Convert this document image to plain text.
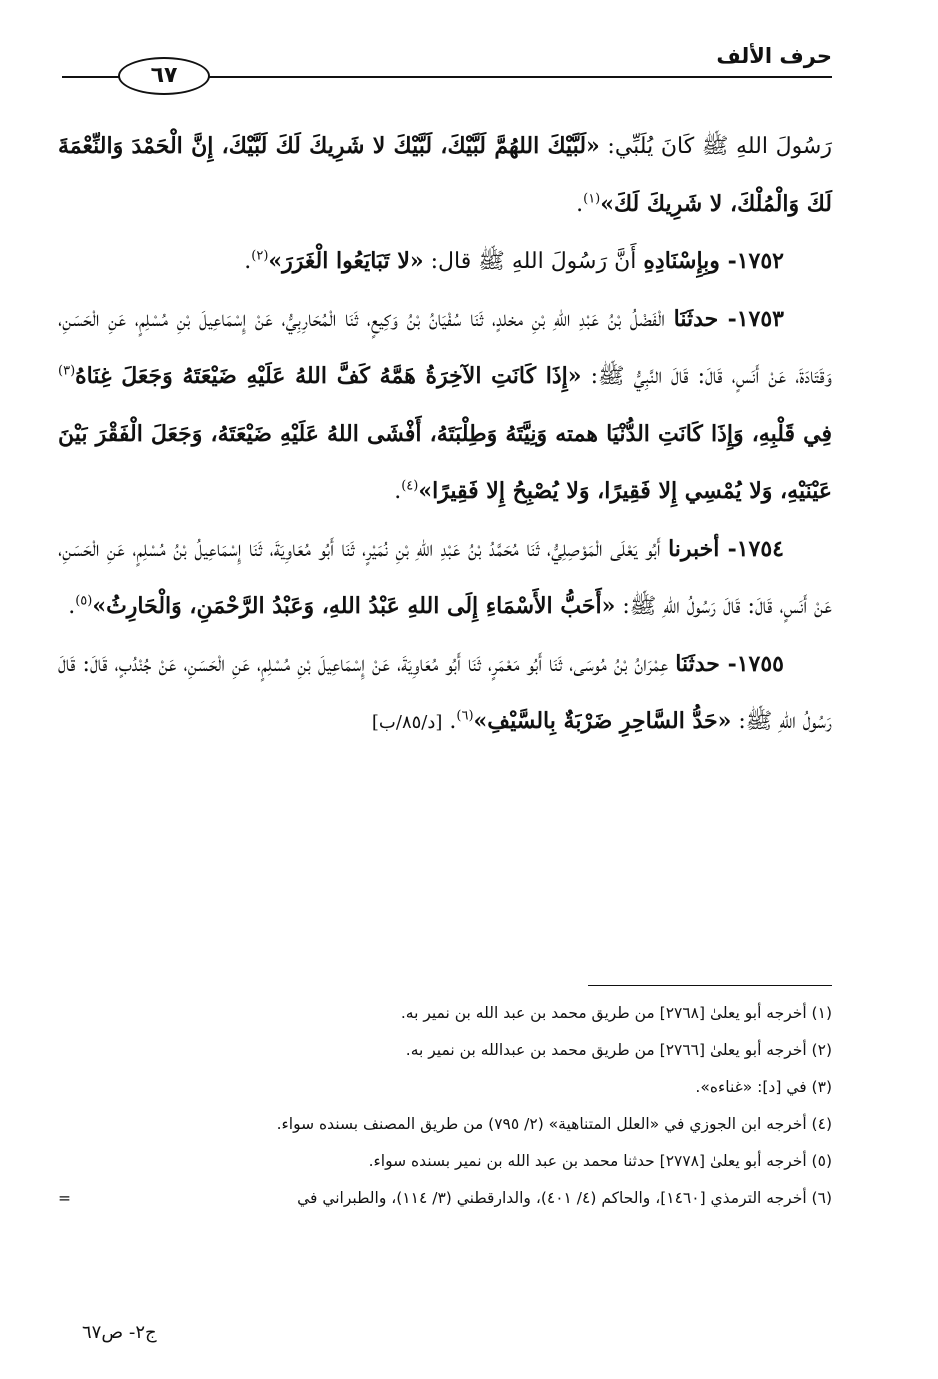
حرف الألف
٦٧

رَسُولَ اللهِ ﷺ كَانَ يُلَبِّي: «لَبَّيْكَ اللهُمَّ لَبَّيْكَ، لَبَّيْكَ لا شَرِيكَ لَكَ لَبَّيْكَ، إِنَّ الْحَمْدَ وَالنِّعْمَةَ لَكَ وَالْمُلْكَ، لا شَرِيكَ لَكَ»$^{(١)}$.

١٧٥٢- وبِإِسْنَادِهِ أَنَّ رَسُولَ اللهِ ﷺ قال: «لا تَبَايَعُوا الْغَرَرَ»$^{(٢)}$.

١٧٥٣- حدثَنَا الْفَضْلُ بْنُ عَبْدِ اللهِ بْنِ مخلدٍ، ثَنَا سُفْيَانُ بْنُ وَكِيعٍ، ثَنَا الْمُحَارِبِيُّ، عَنْ إِسْمَاعِيلَ بْنِ مُسْلِمٍ، عَنِ الْحَسَنِ، وَقَتَادَةَ، عَنْ أَنَسٍ، قَالَ: قَالَ النَّبِيُّ ﷺ: «إِذَا كَانَتِ الآخِرَةُ هَمَّهُ كَفَّ اللهُ عَلَيْهِ ضَيْعَتَهُ وَجَعَلَ غِنَاهُ$^{(٣)}$ فِي قَلْبِهِ، وَإِذَا كَانَتِ الدُّنْيَا همته وَنِيَّتَهُ وَطِلْبَتَهُ، أَفْشَى اللهُ عَلَيْهِ ضَيْعَتَهُ، وَجَعَلَ الْفَقْرَ بَيْنَ عَيْنَيْهِ، وَلا يُمْسِي إِلا فَقِيرًا، وَلا يُصْبِحُ إِلا فَقِيرًا»$^{(٤)}$.

١٧٥٤- أخبرنا أَبُو يَعْلَى الْمَوْصِلِيُّ، ثَنَا مُحَمَّدُ بْنُ عَبْدِ اللهِ بْنِ نُمَيْرٍ، ثَنَا أَبُو مُعَاوِيَةَ، ثَنَا إِسْمَاعِيلُ بْنُ مُسْلِمٍ، عَنِ الْحَسَنِ، عَنْ أَنَسٍ، قَالَ: قَالَ رَسُولُ اللهِ ﷺ: «أَحَبُّ الأَسْمَاءِ إِلَى اللهِ عَبْدُ اللهِ، وَعَبْدُ الرَّحْمَنِ، وَالْحَارِثُ»$^{(٥)}$.

١٧٥٥- حدثَنَا عِمْرَانُ بْنُ مُوسَى، ثَنَا أَبُو مَعْمَرٍ، ثَنَا أَبُو مُعَاوِيَةَ، عَنْ إِسْمَاعِيلَ بْنِ مُسْلِمٍ، عَنِ الْحَسَنِ، عَنْ جُنْدُبٍ، قَالَ: قَالَ رَسُولُ اللهِ ﷺ: «حَدُّ السَّاحِرِ ضَرْبَةٌ بِالسَّيْفِ»$^{(٦)}$. [د/٨٥/ب]

(١) أخرجه أبو يعلىٰ [٢٧٦٨] من طريق محمد بن عبد الله بن نمير به.
(٢) أخرجه أبو يعلىٰ [٢٧٦٦] من طريق محمد بن عبدالله بن نمير به.
(٣) في [د]: «غناءه».
(٤) أخرجه ابن الجوزي في «العلل المتناهية» (٢/ ٧٩٥) من طريق المصنف بسنده سواء.
(٥) أخرجه أبو يعلىٰ [٢٧٧٨] حدثنا محمد بن عبد الله بن نمير بسنده سواء.
(٦) أخرجه الترمذي [١٤٦٠]، والحاكم (٤/ ٤٠١)، والدارقطني (٣/ ١١٤)، والطبراني في
=
ج٢- ص٦٧
